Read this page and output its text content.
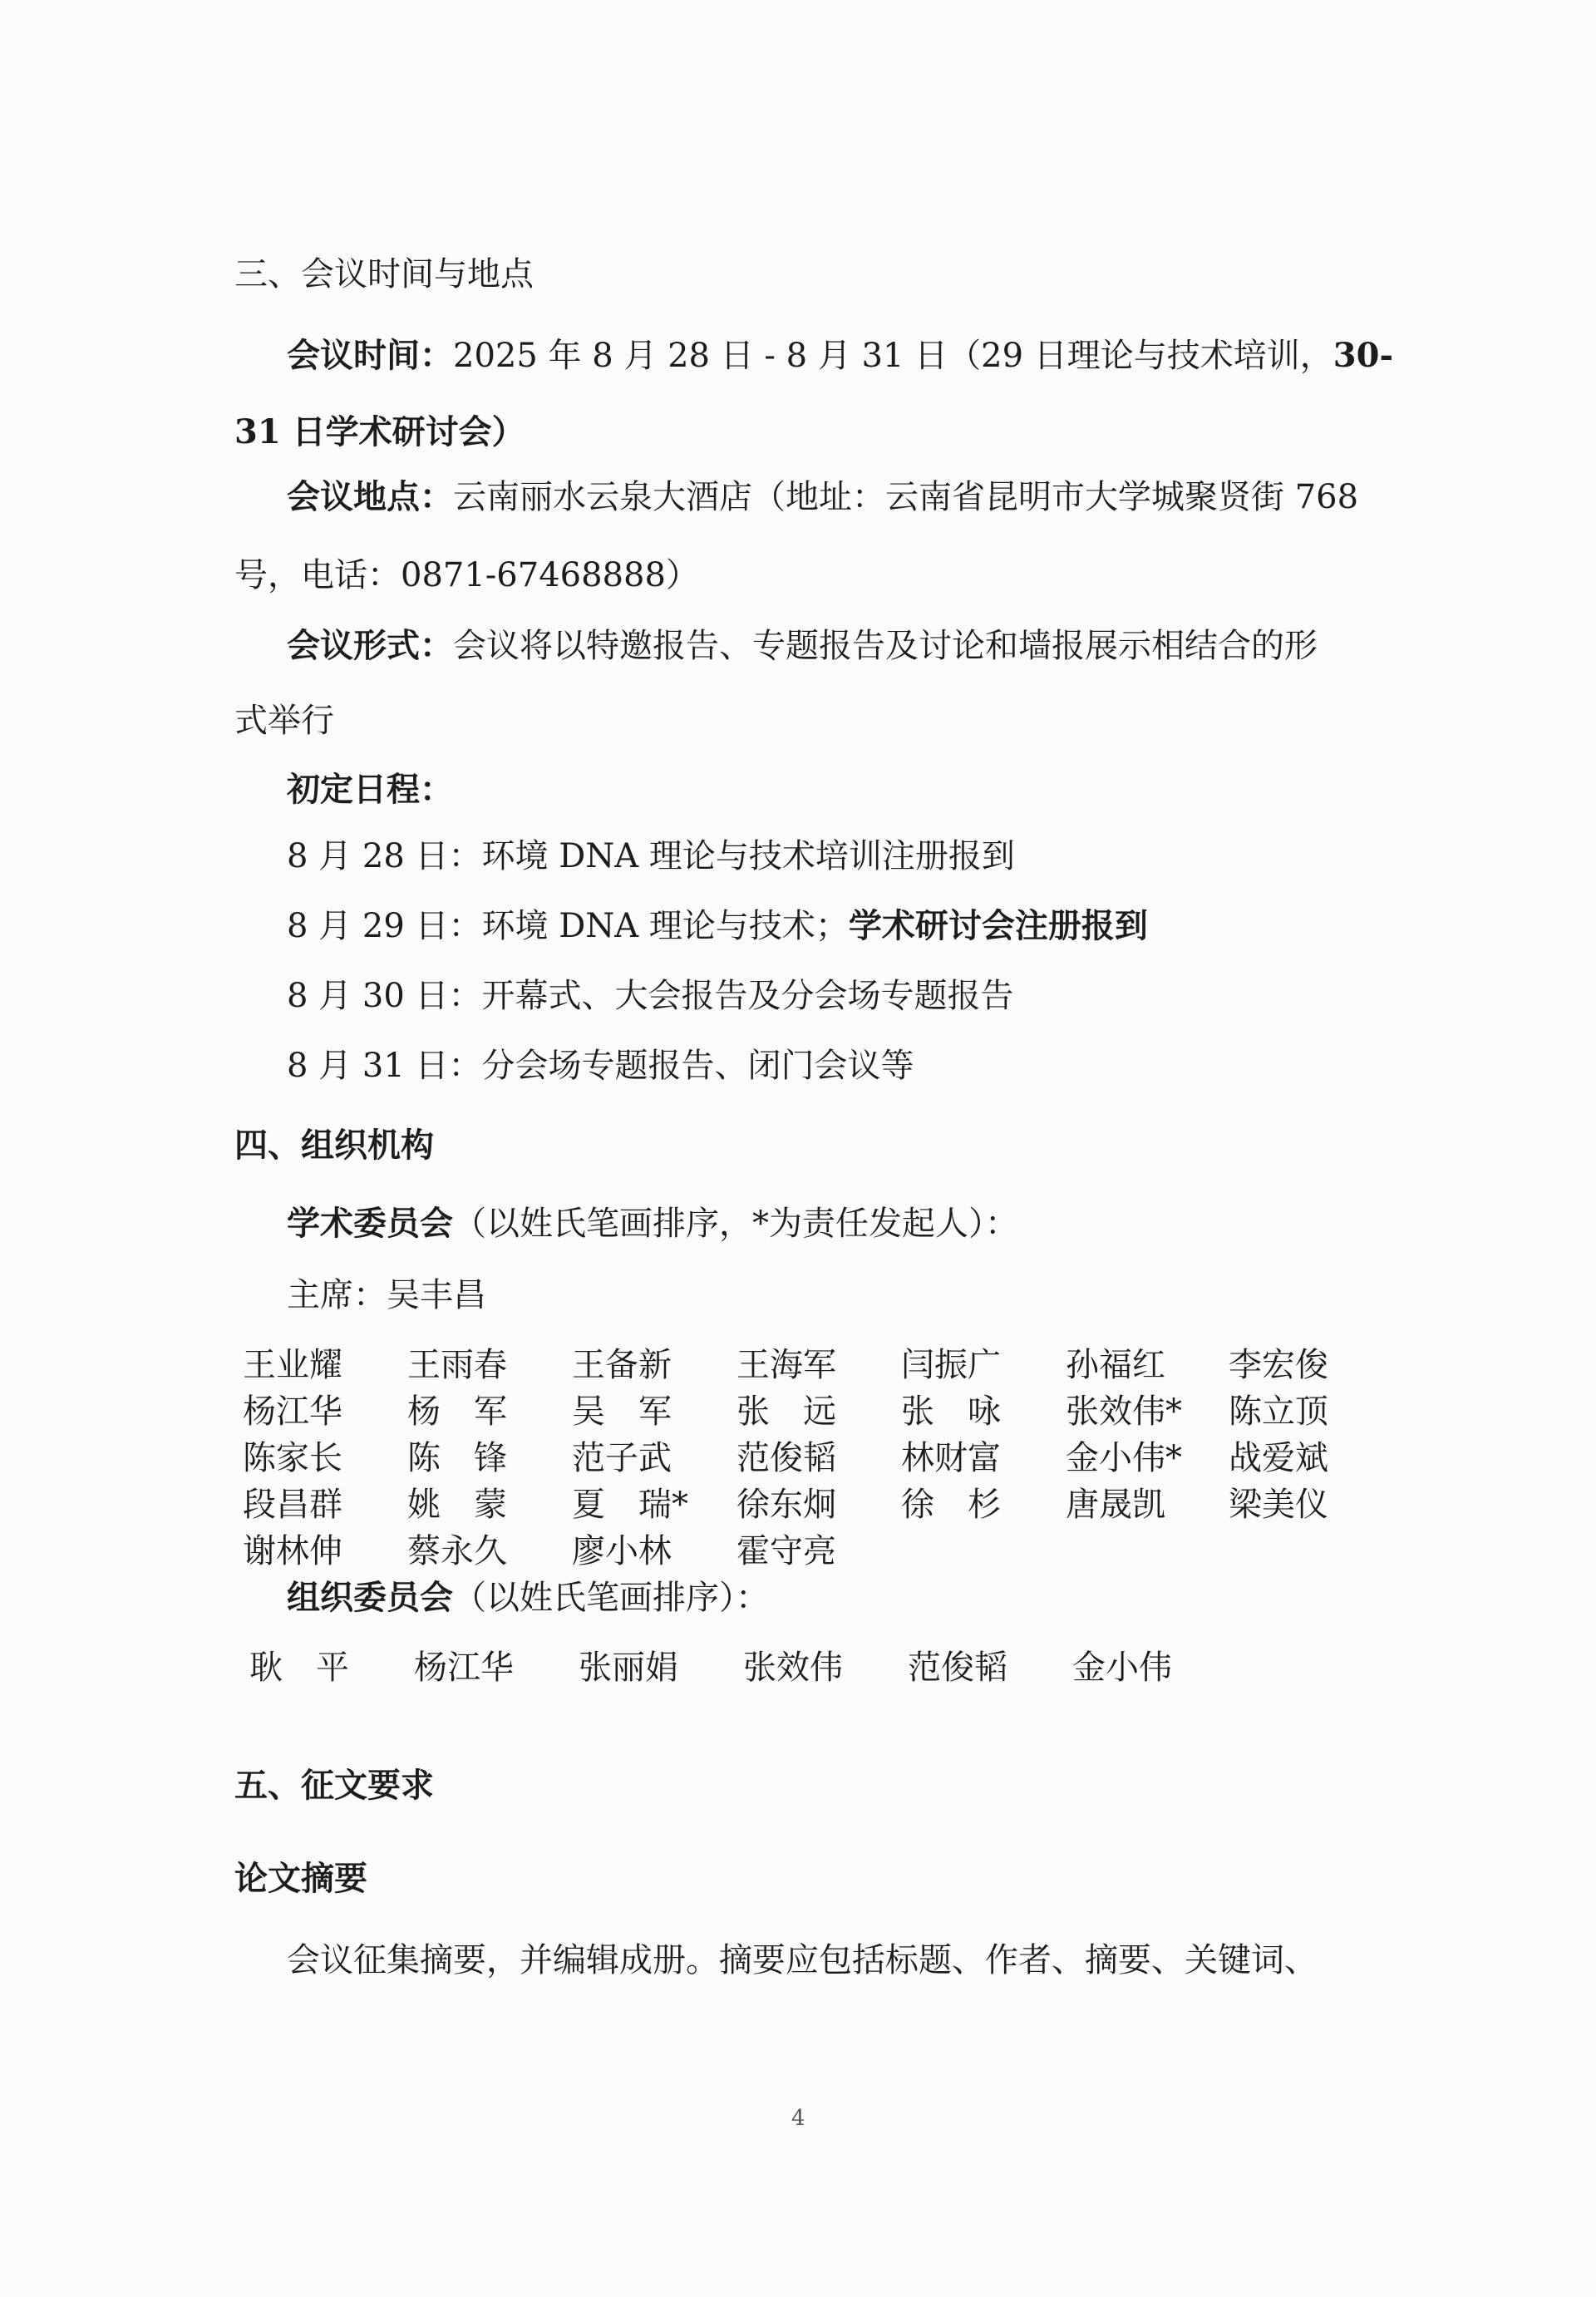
三、会议时间与地点
会议时间：2025 年 8 月 28 日 - 8 月 31 日（29 日理论与技术培训，30-
31 日学术研讨会）
会议地点：云南丽水云泉大酒店（地址：云南省昆明市大学城聚贤街 768
号，电话：0871-67468888）
会议形式：会议将以特邀报告、专题报告及讨论和墙报展示相结合的形
式举行
初定日程：
8 月 28 日：环境 DNA 理论与技术培训注册报到
8 月 29 日：环境 DNA 理论与技术；学术研讨会注册报到
8 月 30 日：开幕式、大会报告及分会场专题报告
8 月 31 日：分会场专题报告、闭门会议等
四、组织机构
学术委员会（以姓氏笔画排序，*为责任发起人）：
主席：吴丰昌
王业耀 王雨春 王备新 王海军 闫振广 孙福红 李宏俊
杨江华 杨　军 吴　军 张　远 张　咏 张效伟* 陈立顶
陈家长 陈　锋 范子武 范俊韬 林财富 金小伟* 战爱斌
段昌群 姚　蒙 夏　瑞* 徐东炯 徐　杉 唐晟凯 梁美仪
谢林伸 蔡永久 廖小林 霍守亮
组织委员会（以姓氏笔画排序）：
耿　平 杨江华 张丽娟 张效伟 范俊韬 金小伟
五、征文要求
论文摘要
会议征集摘要，并编辑成册。摘要应包括标题、作者、摘要、关键词、
4
